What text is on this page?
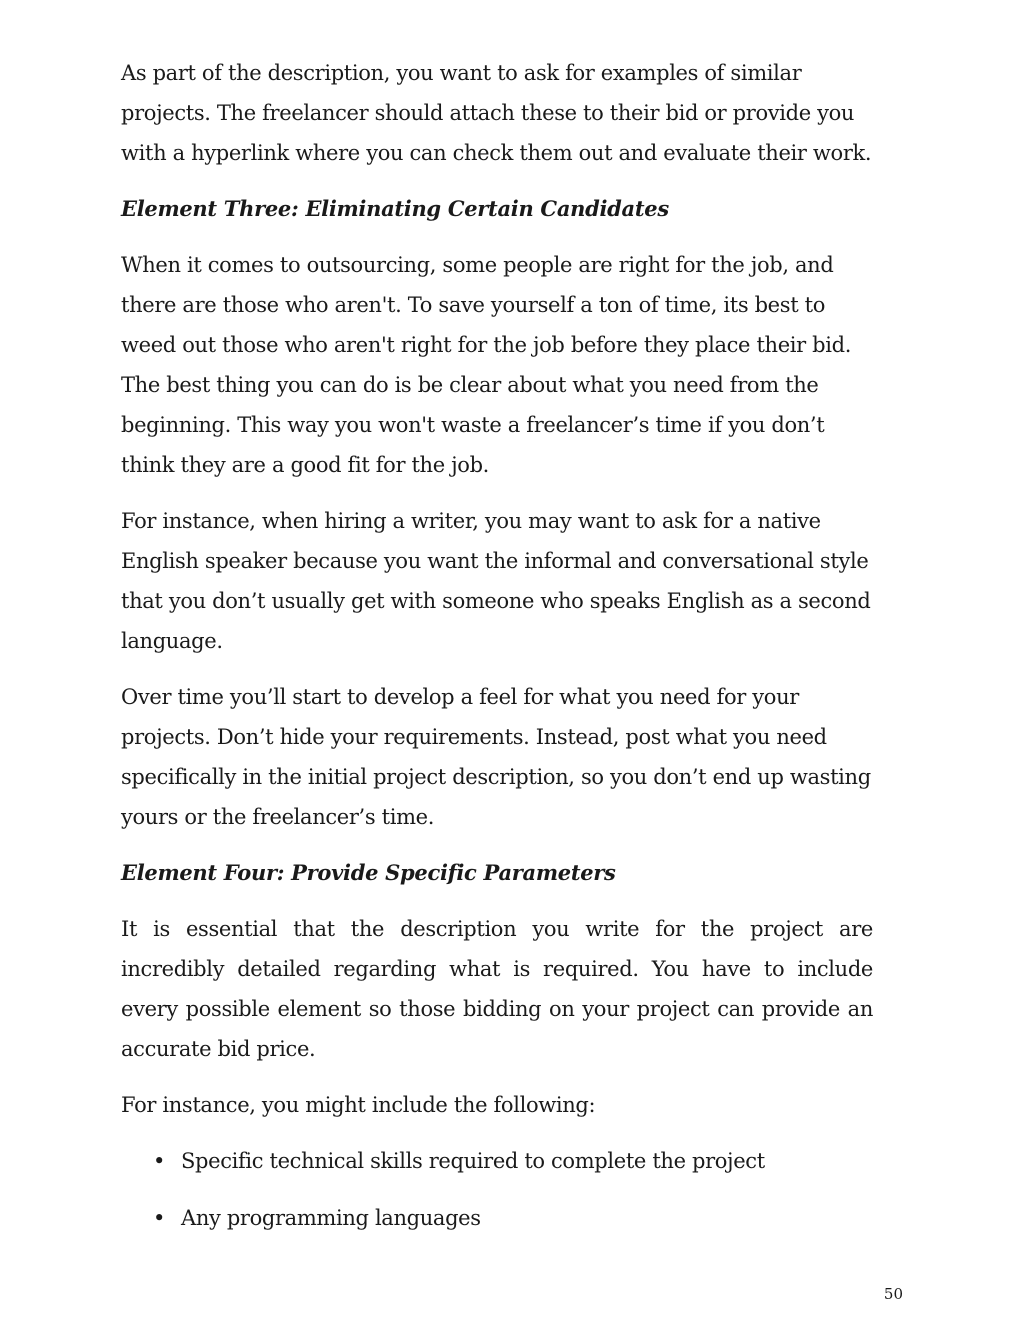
As part of the description, you want to ask for examples of similar projects. The freelancer should attach these to their bid or provide you with a hyperlink where you can check them out and evaluate their work.

Element Three: Eliminating Certain Candidates

When it comes to outsourcing, some people are right for the job, and there are those who aren't. To save yourself a ton of time, its best to weed out those who aren't right for the job before they place their bid. The best thing you can do is be clear about what you need from the beginning. This way you won't waste a freelancer’s time if you don’t think they are a good fit for the job.

For instance, when hiring a writer, you may want to ask for a native English speaker because you want the informal and conversational style that you don’t usually get with someone who speaks English as a second language.

Over time you’ll start to develop a feel for what you need for your projects. Don’t hide your requirements. Instead, post what you need specifically in the initial project description, so you don’t end up wasting yours or the freelancer’s time.

Element Four: Provide Specific Parameters

It is essential that the description you write for the project are incredibly detailed regarding what is required. You have to include every possible element so those bidding on your project can provide an accurate bid price.

For instance, you might include the following:

• Specific technical skills required to complete the project
• Any programming languages
50
